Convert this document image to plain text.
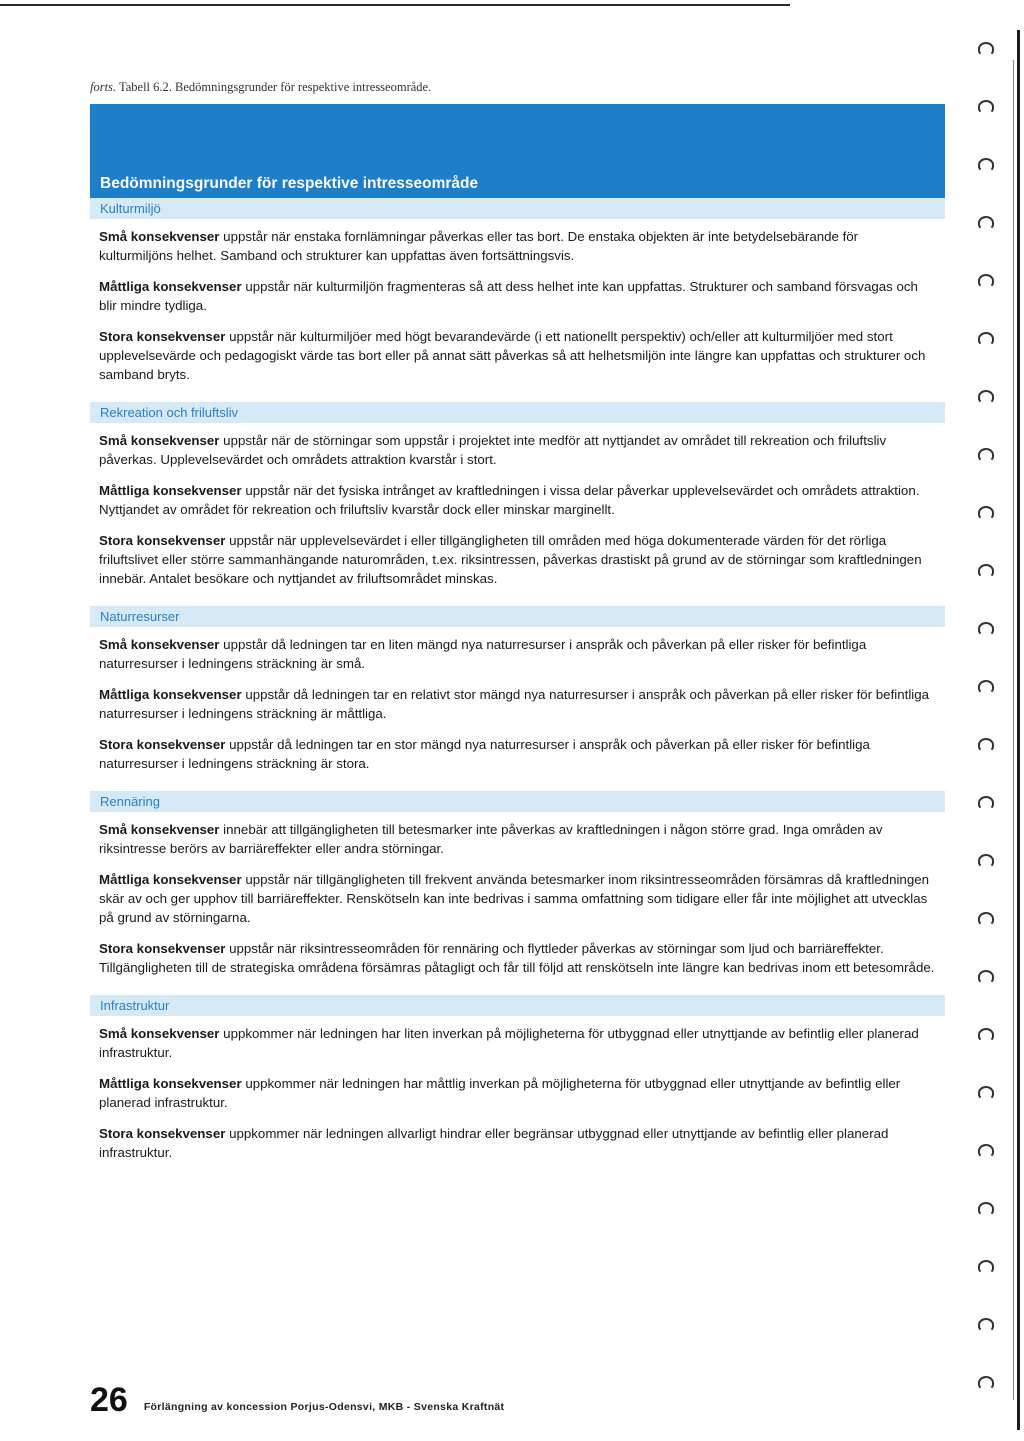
forts. Tabell 6.2. Bedömningsgrunder för respektive intresseområde.
Bedömningsgrunder för respektive intresseområde
Kulturmiljö

Små konsekvenser uppstår när enstaka fornlämningar påverkas eller tas bort. De enstaka objekten är inte betydelsebärande för kulturmiljöns helhet. Samband och strukturer kan uppfattas även fortsättningsvis.

Måttliga konsekvenser uppstår när kulturmiljön fragmenteras så att dess helhet inte kan uppfattas. Strukturer och samband försvagas och blir mindre tydliga.

Stora konsekvenser uppstår när kulturmiljöer med högt bevarandevärde (i ett nationellt perspektiv) och/eller att kulturmiljöer med stort upplevelsevärde och pedagogiskt värde tas bort eller på annat sätt påverkas så att helhetsmiljön inte längre kan uppfattas och strukturer och samband bryts.

Rekreation och friluftsliv

Små konsekvenser uppstår när de störningar som uppstår i projektet inte medför att nyttjandet av området till rekreation och friluftsliv påverkas. Upplevelsevärdet och områdets attraktion kvarstår i stort.

Måttliga konsekvenser uppstår när det fysiska intrånget av kraftledningen i vissa delar påverkar upplevelsevärdet och områdets attraktion. Nyttjandet av området för rekreation och friluftsliv kvarstår dock eller minskar marginellt.

Stora konsekvenser uppstår när upplevelsevärdet i eller tillgängligheten till områden med höga dokumenterade värden för det rörliga friluftslivet eller större sammanhängande naturområden, t.ex. riksintressen, påverkas drastiskt på grund av de störningar som kraftledningen innebär. Antalet besökare och nyttjandet av friluftsområdet minskas.

Naturresurser

Små konsekvenser uppstår då ledningen tar en liten mängd nya naturresurser i anspråk och påverkan på eller risker för befintliga naturresurser i ledningens sträckning är små.

Måttliga konsekvenser uppstår då ledningen tar en relativt stor mängd nya naturresurser i anspråk och påverkan på eller risker för befintliga naturresurser i ledningens sträckning är måttliga.

Stora konsekvenser uppstår då ledningen tar en stor mängd nya naturresurser i anspråk och påverkan på eller risker för befintliga naturresurser i ledningens sträckning är stora.

Rennäring

Små konsekvenser innebär att tillgängligheten till betesmarker inte påverkas av kraftledningen i någon större grad. Inga områden av riksintresse berörs av barriäreffekter eller andra störningar.

Måttliga konsekvenser uppstår när tillgängligheten till frekvent använda betesmarker inom riksintresseområden försämras då kraftledningen skär av och ger upphov till barriäreffekter. Renskötseln kan inte bedrivas i samma omfattning som tidigare eller får inte möjlighet att utvecklas på grund av störningarna.

Stora konsekvenser uppstår när riksintresseområden för rennäring och flyttleder påverkas av störningar som ljud och barriäreffekter. Tillgängligheten till de strategiska områdena försämras påtagligt och får till följd att renskötseln inte längre kan bedrivas inom ett betesområde.

Infrastruktur

Små konsekvenser uppkommer när ledningen har liten inverkan på möjligheterna för utbyggnad eller utnyttjande av befintlig eller planerad infrastruktur.

Måttliga konsekvenser uppkommer när ledningen har måttlig inverkan på möjligheterna för utbyggnad eller utnyttjande av befintlig eller planerad infrastruktur.

Stora konsekvenser uppkommer när ledningen allvarligt hindrar eller begränsar utbyggnad eller utnyttjande av befintlig eller planerad infrastruktur.

26 Förlängning av koncession Porjus-Odensvi, MKB - Svenska Kraftnät
